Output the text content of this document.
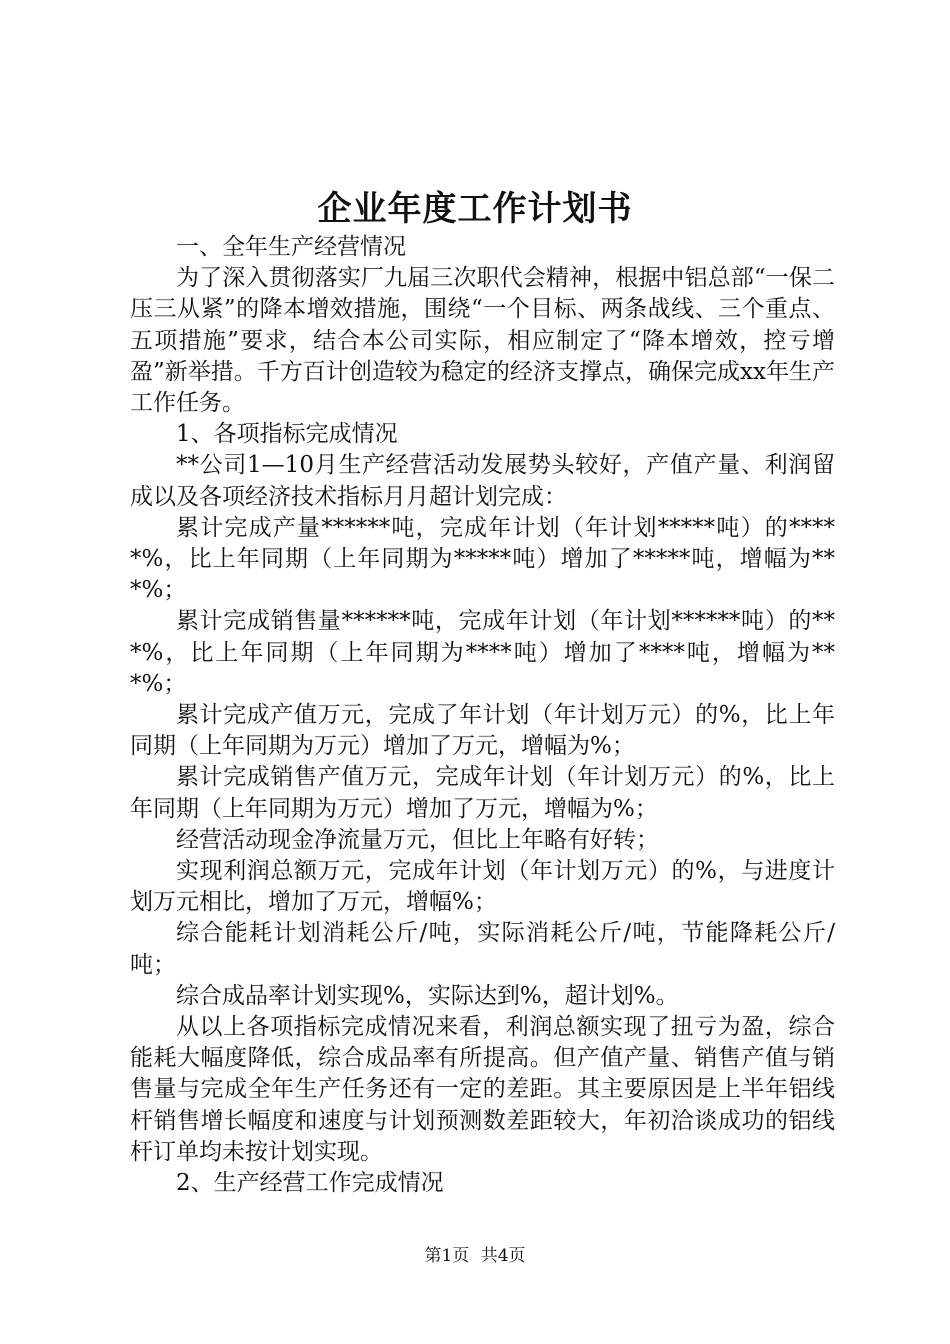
企业年度工作计划书

一、全年生产经营情况

为了深入贯彻落实厂九届三次职代会精神，根据中铝总部“一保二压三从紧”的降本增效措施，围绕“一个目标、两条战线、三个重点、五项措施”要求，结合本公司实际，相应制定了“降本增效，控亏增盈”新举措。千方百计创造较为稳定的经济支撑点，确保完成xx年生产工作任务。

1、各项指标完成情况

**公司1—10月生产经营活动发展势头较好，产值产量、利润留成以及各项经济技术指标月月超计划完成：

累计完成产量******吨，完成年计划（年计划*****吨）的*****%，比上年同期（上年同期为*****吨）增加了*****吨，增幅为***%；

累计完成销售量******吨，完成年计划（年计划******吨）的***%，比上年同期（上年同期为****吨）增加了****吨，增幅为***%；

累计完成产值万元，完成了年计划（年计划万元）的%，比上年同期（上年同期为万元）增加了万元，增幅为%；

累计完成销售产值万元，完成年计划（年计划万元）的%，比上年同期（上年同期为万元）增加了万元，增幅为%；

经营活动现金净流量万元，但比上年略有好转；

实现利润总额万元，完成年计划（年计划万元）的%，与进度计划万元相比，增加了万元，增幅%；

综合能耗计划消耗公斤/吨，实际消耗公斤/吨，节能降耗公斤/吨；

综合成品率计划实现%，实际达到%，超计划%。

从以上各项指标完成情况来看，利润总额实现了扭亏为盈，综合能耗大幅度降低，综合成品率有所提高。但产值产量、销售产值与销售量与完成全年生产任务还有一定的差距。其主要原因是上半年铝线杆销售增长幅度和速度与计划预测数差距较大，年初洽谈成功的铝线杆订单均未按计划实现。

2、生产经营工作完成情况

第1页 共4页
